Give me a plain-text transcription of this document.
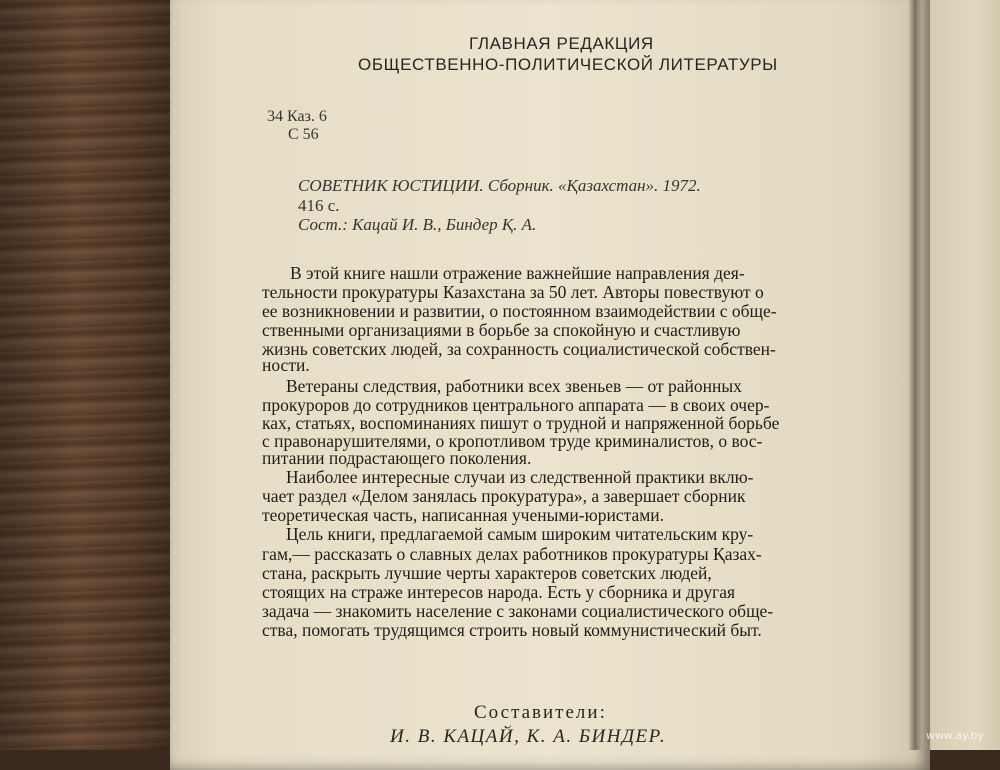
ГЛАВНАЯ РЕДАКЦИЯ
ОБЩЕСТВЕННО-ПОЛИТИЧЕСКОЙ ЛИТЕРАТУРЫ
34 Каз. 6
С 56
СОВЕТНИК ЮСТИЦИИ. Сборник. «Қазахстан». 1972.
416 с.
Сост.: Кацай И. В., Биндер Қ. А.
В этой книге нашли отражение важнейшие направления дея-
тельности прокуратуры Казахстана за 50 лет. Авторы повествуют о
ее возникновении и развитии, о постоянном взаимодействии с обще-
ственными организациями в борьбе за спокойную и счастливую
жизнь советских людей, за сохранность социалистической собствен-
ности.
Ветераны следствия, работники всех звеньев — от районных
прокуроров до сотрудников центрального аппарата — в своих очер-
ках, статьях, воспоминаниях пишут о трудной и напряженной борьбе
с правонарушителями, о кропотливом труде криминалистов, о вос-
питании подрастающего поколения.
Наиболее интересные случаи из следственной практики вклю-
чает раздел «Делом занялась прокуратура», а завершает сборник
теоретическая часть, написанная учеными-юристами.
Цель книги, предлагаемой самым широким читательским кру-
гам,— рассказать о славных делах работников прокуратуры Қазах-
стана, раскрыть лучшие черты характеров советских людей,
стоящих на страже интересов народа. Есть у сборника и другая
задача — знакомить население с законами социалистического обще-
ства, помогать трудящимся строить новый коммунистический быт.
Составители:
И. В. КАЦАЙ, К. А. БИНДЕР.	www.ay.by
